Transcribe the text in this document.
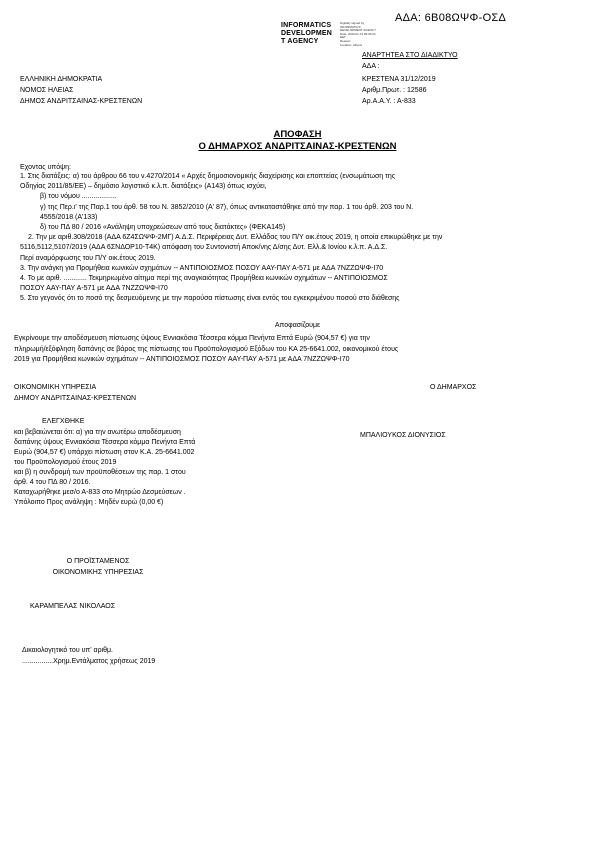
ΑΔΑ: 6Β08ΩΨΦ-ΟΣΔ
INFORMATICS
DEVELOPMEN
T AGENCY
Digitally signed by
INFORMATICS
DEVELOPMENT AGENCY
Date: 2020.01.13 09:36:24
EET
Reason:
Location: Athens
ΑΝΑΡΤΗΤΕΑ ΣΤΟ ΔΙΑΔΙΚΤΥΟ
ΑΔΑ :
ΕΛΛΗΝΙΚΗ ΔΗΜΟΚΡΑΤΙΑ
ΝΟΜΟΣ ΗΛΕΙΑΣ
ΔΗΜΟΣ ΑΝΔΡΙΤΣΑΙΝΑΣ-ΚΡΕΣΤΕΝΩΝ
ΚΡΕΣΤΕΝΑ 31/12/2019
Αριθμ.Πρωτ. : 12586
Αρ.Α.Α.Υ. : Α-833
ΑΠΟΦΑΣΗ
Ο ΔΗΜΑΡΧΟΣ ΑΝΔΡΙΤΣΑΙΝΑΣ-ΚΡΕΣΤΕΝΩΝ
Εχοντας υπόψη:
1. Στις διατάξεις: α) του άρθρου 66 του ν.4270/2014 « Αρχές δημοσιονομικής διαχείρισης και εποπτείας (ενσωμάτωση της
Οδηγίας 2011/85/ΕΕ) – δημόσιο λογιστικό κ.λ.π. διατάξεις» (Α143) όπως ισχύει,
β) του νόμου ..................
γ) της Περ.ι' της Παρ.1 του άρθ. 58 του Ν. 3852/2010 (Α' 87), όπως αντικαταστάθηκε από την παρ. 1 του άρθ. 203 του Ν.
4555/2018 (Α'133)
δ) του ΠΔ 80 / 2016 «Ανάληψη υποχρεώσεων από τους διατάκτες» (ΦΕΚΑ145)
2. Την με αριθ.308/2018 (ΑΔΑ 6Ζ4ΣΩΨΦ-2ΜΓ) Α.Δ.Σ. Περιφέρειας Δυτ. Ελλάδας του Π/Υ οικ.έτους 2019, η οποία επικυρώθηκε με την
5116,5112,5107/2019 (ΑΔΑ 6ΣΝΔΟΡ10-Τ4Κ) απόφαση του Συντονιστή Αποκ/νης Δ/σης Δυτ. Ελλ.& Ιονίου κ.λ.π. Α.Δ.Σ.
Περί αναμόρφωσης του Π/Υ οικ.έτους 2019.
3. Την ανάγκη για Προμήθεια κωνικών σχημάτων -- ΑΝΤΙΠΟΙΟΣΜΟΣ ΠΟΣΟΥ ΑΑΥ-ΠΑΥ Α-571 με ΑΔΑ 7ΝΖΖΩΨΦ-Ι70
4. Το με αριθ. ............ Τεκμηριωμένο αίτημα περί της αναγκαιότητας Προμήθεια κωνικών σχημάτων -- ΑΝΤΙΠΟΙΟΣΜΟΣ
ΠΟΣΟΥ ΑΑΥ-ΠΑΥ Α-571 με ΑΔΑ 7ΝΖΖΩΨΦ-Ι70
5. Στο γεγονός ότι το ποσό της δεσμευόμενης με την παρούσα πίστωσης είναι εντός του εγκεκριμένου ποσού στο διάθεσης
Αποφασίζουμε
Εγκρίνουμε την αποδέσμευση πίστωσης ύψους Εννιακόσια Τέσσερα κόμμα Πενήντα Επτά Ευρώ (904,57 €) για την
πληρωμή/εξόφληση δαπάνης σε βάρος της πίστωσης του Προϋπολογισμού Εξόδων του ΚΑ 25-6641.002, οικονομικού έτους
2019 για Προμήθεια κωνικών σχημάτων -- ΑΝΤΙΠΟΙΟΣΜΟΣ ΠΟΣΟΥ ΑΑΥ-ΠΑΥ Α-571 με ΑΔΑ 7ΝΖΖΩΨΦ-Ι70
ΟΙΚΟΝΟΜΙΚΗ ΥΠΗΡΕΣΙΑ
ΔΗΜΟΥ ΑΝΔΡΙΤΣΑΙΝΑΣ-ΚΡΕΣΤΕΝΩΝ
Ο ΔΗΜΑΡΧΟΣ
ΕΛΕΓΧΘΗΚΕ
και βεβαιώνεται ότι: α) για την ανωτέρω αποδέσμευση
δαπάνης ύψους Εννιακόσια Τέσσερα κόμμα Πενήντα Επτά
Ευρώ (904,57 €) υπάρχει πίστωση στον Κ.Α. 25-6641.002
του Προϋπολογισμού έτους 2019
και β) η συνδρομή των προϋποθέσεων της παρ. 1 στου
άρθ. 4 του ΠΔ 80 / 2016.
Καταχωρήθηκε μεσ/ο Α-833 στο Μητρώο Δεσμεύσεων .
Υπόλοιπο Προς ανάληψη : Μηδέν ευρώ (0,00 €)
ΜΠΑΛΙΟΥΚΟΣ ΔΙΟΝΥΣΙΟΣ
Ο ΠΡΟΪΣΤΑΜΕΝΟΣ
ΟΙΚΟΝΟΜΙΚΗΣ ΥΠΗΡΕΣΙΑΣ
ΚΑΡΑΜΠΕΛΑΣ ΝΙΚΟΛΑΟΣ
Δικαιολογητικό του υπ' αριθμ.
................Χρημ.Εντάλματος χρήσεως 2019
